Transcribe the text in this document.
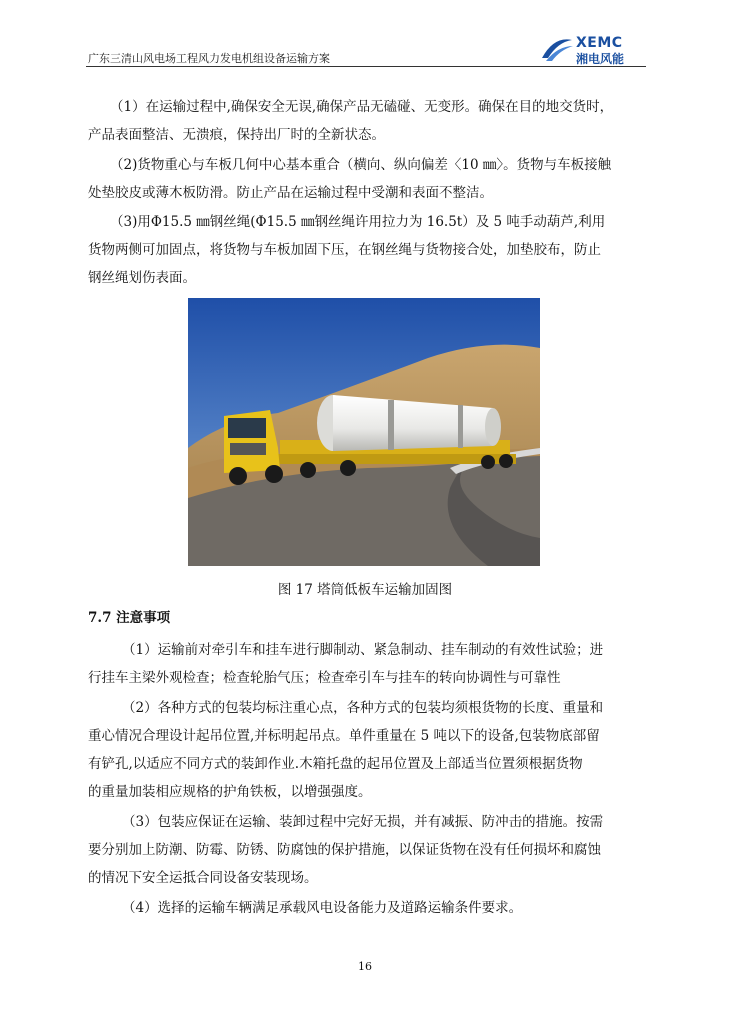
广东三清山风电场工程风力发电机组设备运输方案
XEMC
湘电风能
（1）在运输过程中,确保安全无误,确保产品无磕碰、无变形。确保在目的地交货时，
产品表面整洁、无溃痕，保持出厂时的全新状态。
（2)货物重心与车板几何中心基本重合（横向、纵向偏差〈10 ㎜〉。货物与车板接触
处垫胶皮或薄木板防滑。防止产品在运输过程中受潮和表面不整洁。
（3)用Φ15.5 ㎜钢丝绳(Φ15.5 ㎜钢丝绳许用拉力为 16.5t）及 5 吨手动葫芦,利用
货物两侧可加固点，将货物与车板加固下压，在钢丝绳与货物接合处，加垫胶布，防止
钢丝绳划伤表面。
图 17 塔筒低板车运输加固图
7.7 注意事项
（1）运输前对牵引车和挂车进行脚制动、紧急制动、挂车制动的有效性试验；进
行挂车主梁外观检查；检查轮胎气压；检查牵引车与挂车的转向协调性与可靠性
（2）各种方式的包装均标注重心点，各种方式的包装均须根货物的长度、重量和
重心情况合理设计起吊位置,并标明起吊点。单件重量在 5 吨以下的设备,包装物底部留
有铲孔,以适应不同方式的装卸作业.木箱托盘的起吊位置及上部适当位置须根据货物
的重量加装相应规格的护角铁板，以增强强度。
（3）包装应保证在运输、装卸过程中完好无损，并有减振、防冲击的措施。按需
要分别加上防潮、防霉、防锈、防腐蚀的保护措施，以保证货物在没有任何损坏和腐蚀
的情况下安全运抵合同设备安装现场。
（4）选择的运输车辆满足承载风电设备能力及道路运输条件要求。
16
